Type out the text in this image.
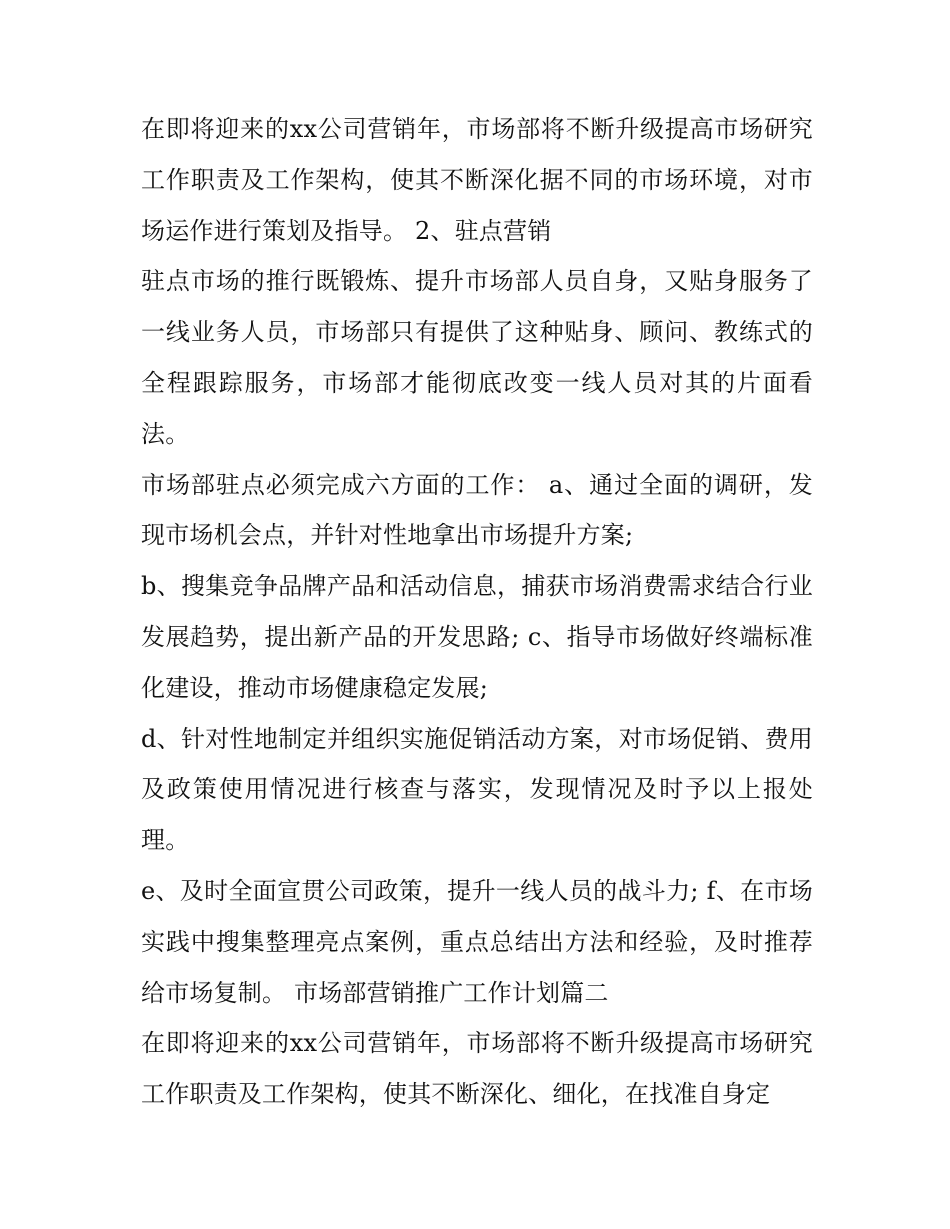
在即将迎来的xx公司营销年，市场部将不断升级提高市场研究工作职责及工作架构，使其不断深化据不同的市场环境，对市场运作进行策划及指导。 2、驻点营销

驻点市场的推行既锻炼、提升市场部人员自身，又贴身服务了一线业务人员，市场部只有提供了这种贴身、顾问、教练式的全程跟踪服务，市场部才能彻底改变一线人员对其的片面看法。

市场部驻点必须完成六方面的工作： a、通过全面的调研，发现市场机会点，并针对性地拿出市场提升方案;

b、搜集竞争品牌产品和活动信息，捕获市场消费需求结合行业发展趋势，提出新产品的开发思路; c、指导市场做好终端标准化建设，推动市场健康稳定发展;

d、针对性地制定并组织实施促销活动方案，对市场促销、费用及政策使用情况进行核查与落实，发现情况及时予以上报处理。

e、及时全面宣贯公司政策，提升一线人员的战斗力; f、在市场实践中搜集整理亮点案例，重点总结出方法和经验，及时推荐给市场复制。 市场部营销推广工作计划篇二

在即将迎来的xx公司营销年，市场部将不断升级提高市场研究工作职责及工作架构，使其不断深化、细化，在找准自身定
